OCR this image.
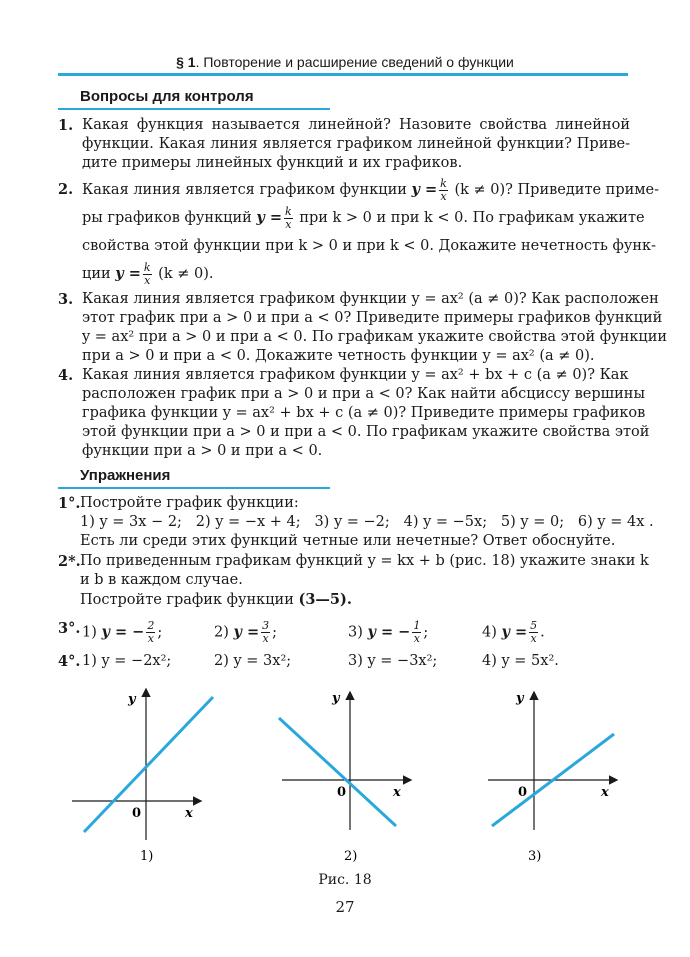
§ 1. Повторение и расширение сведений о функции
Вопросы для контроля
1. Какая функция называется линейной? Назовите свойства линейной
функции. Какая линия является графиком линейной функции? Приве-
дите примеры линейных функций и их графиков.
2. Какая линия является графиком функции $y = \frac{k}{x} (k \ne 0)$? Приведите приме-
ры графиков функций $y = \frac{k}{x}$ при k > 0 и при k < 0. По графикам укажите
свойства этой функции при k > 0 и при k < 0. Докажите нечетность функ-
ции $y = \frac{k}{x} (k \ne 0)$.
3. Какая линия является графиком функции y = ax² (a ≠ 0)? Как расположен
этот график при a > 0 и при a < 0? Приведите примеры графиков функций
y = ax² при a > 0 и при a < 0. По графикам укажите свойства этой функции
при a > 0 и при a < 0. Докажите четность функции y = ax² (a ≠ 0).
4. Какая линия является графиком функции y = ax² + bx + c (a ≠ 0)? Как
расположен график при a > 0 и при a < 0? Как найти абсциссу вершины
графика функции y = ax² + bx + c (a ≠ 0)? Приведите примеры графиков
этой функции при a > 0 и при a < 0. По графикам укажите свойства этой
функции при a > 0 и при a < 0.
Упражнения
1°. Постройте график функции:
1) y = 3x − 2; 2) y = −x + 4; 3) y = −2; 4) y = −5x; 5) y = 0; 6) y = 4x .
Есть ли среди этих функций четные или нечетные? Ответ обоснуйте.
2*. По приведенным графикам функций y = kx + b (рис. 18) укажите знаки k
и b в каждом случае.
Постройте график функции (3—5).
3°. 1) y = − $\frac{2}{x}$ ;	2) $y = \frac{3}{x}$ ;	3) y = − $\frac{1}{x}$ ;	4) $y = \frac{5}{x}$ .
4°. 1) y = −2x²;	2) y = 3x²;	3) y = −3x²;	4) y = 5x².
x
y
0
1)
x
y
0
2)
x
y
0
3)
Рис. 18
27
